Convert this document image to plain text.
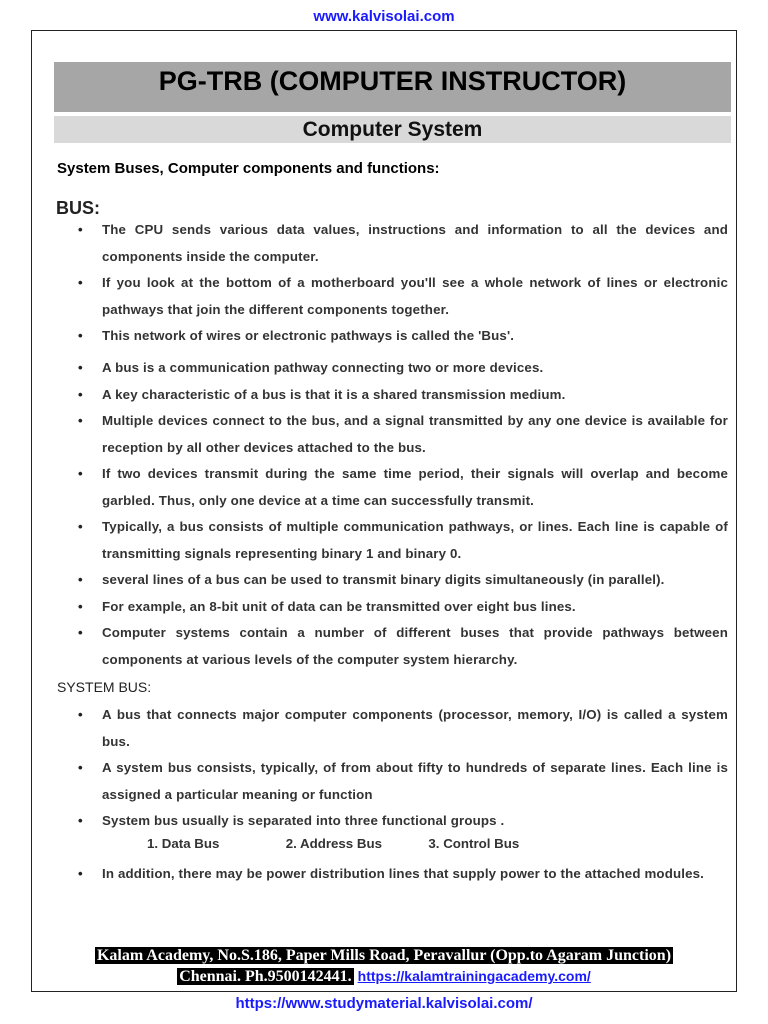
www.kalvisolai.com
PG-TRB (COMPUTER INSTRUCTOR)
Computer System
System Buses, Computer components and functions:
BUS:
• The CPU sends various data values, instructions and information to all the devices and components inside the computer.
• If you look at the bottom of a motherboard you'll see a whole network of lines or electronic pathways that join the different components together.
• This network of wires or electronic pathways is called the 'Bus'.
• A bus is a communication pathway connecting two or more devices.
• A key characteristic of a bus is that it is a shared transmission medium.
• Multiple devices connect to the bus, and a signal transmitted by any one device is available for reception by all other devices attached to the bus.
• If two devices transmit during the same time period, their signals will overlap and become garbled. Thus, only one device at a time can successfully transmit.
• Typically, a bus consists of multiple communication pathways, or lines. Each line is capable of transmitting signals representing binary 1 and binary 0.
• several lines of a bus can be used to transmit binary digits simultaneously (in parallel).
• For example, an 8-bit unit of data can be transmitted over eight bus lines.
• Computer systems contain a number of different buses that provide pathways between components at various levels of the computer system hierarchy.
SYSTEM BUS:
• A bus that connects major computer components (processor, memory, I/O) is called a system bus.
• A system bus consists, typically, of from about fifty to hundreds of separate lines. Each line is assigned a particular meaning or function
• System bus usually is separated into three functional groups .
1. Data Bus	2. Address Bus	3. Control Bus
• In addition, there may be power distribution lines that supply power to the attached modules.
Kalam Academy, No.S.186, Paper Mills Road, Peravallur (Opp.to Agaram Junction)
Chennai. Ph.9500142441. https://kalamtrainingacademy.com/
https://www.studymaterial.kalvisolai.com/
